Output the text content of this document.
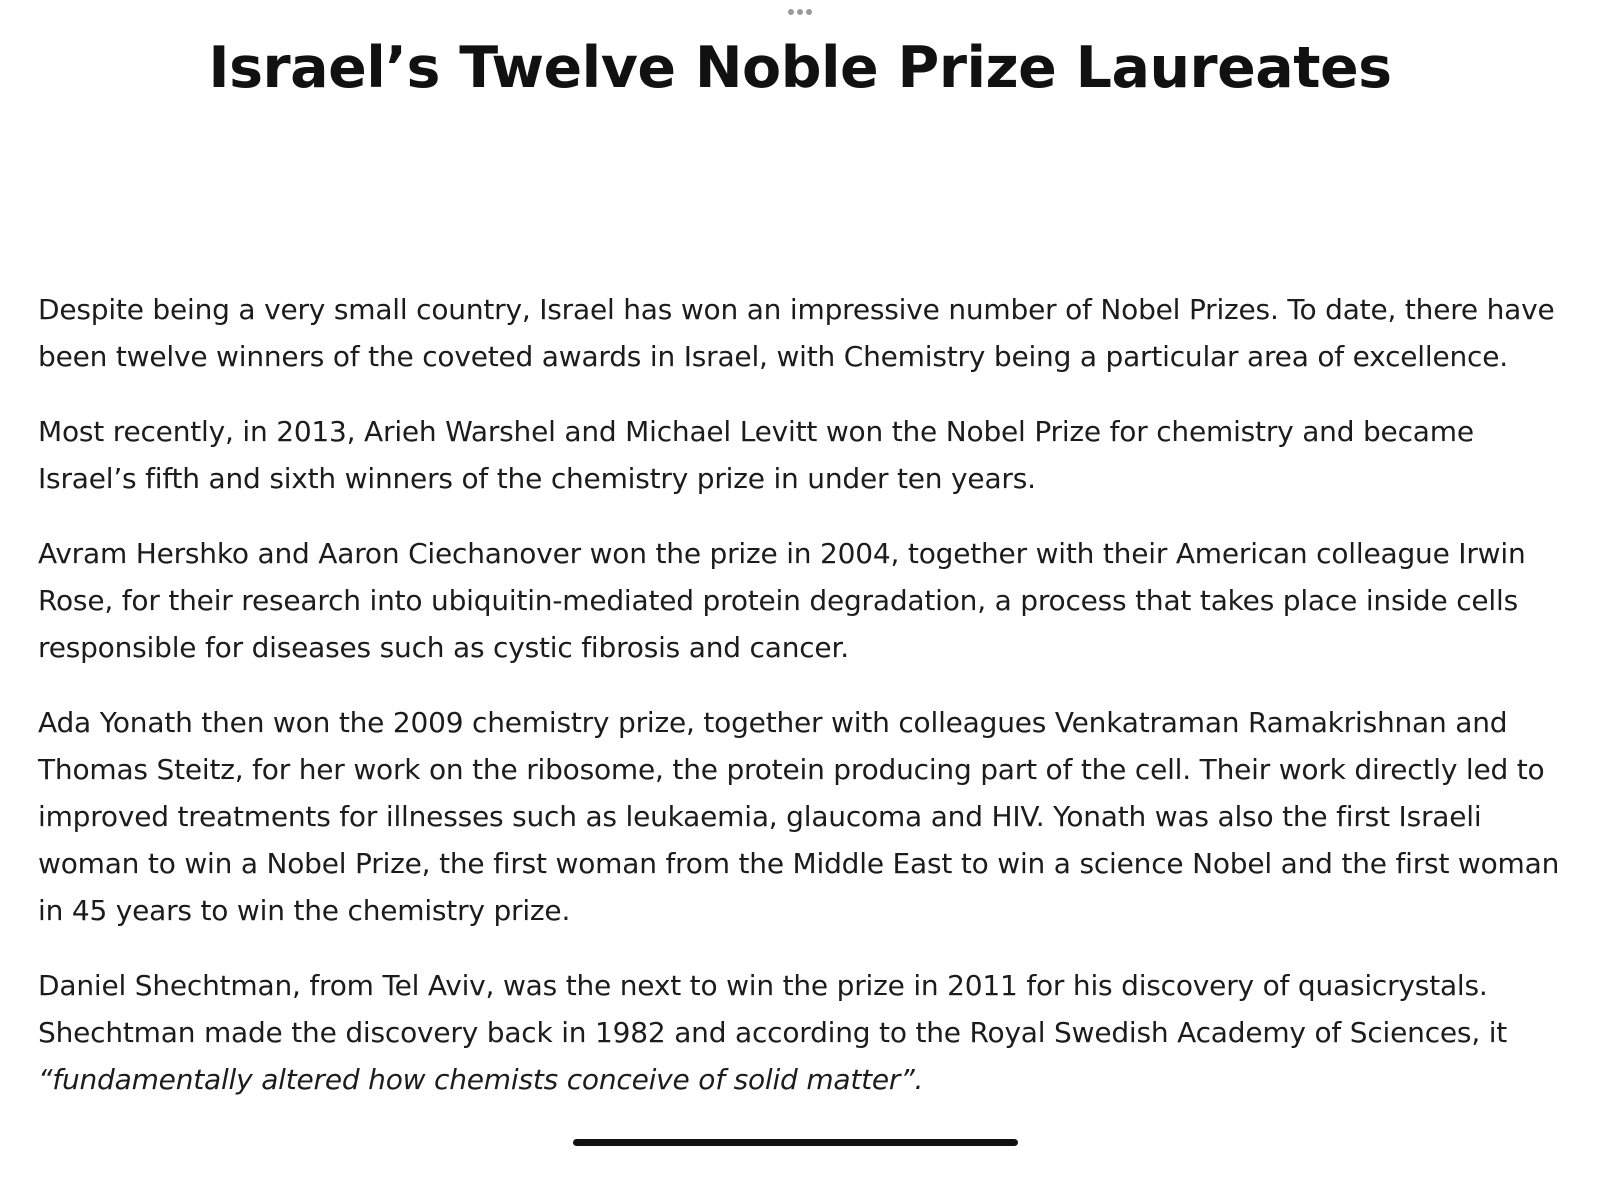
Israel’s Twelve Noble Prize Laureates

Despite being a very small country, Israel has won an impressive number of Nobel Prizes. To date, there have been twelve winners of the coveted awards in Israel, with Chemistry being a particular area of excellence.

Most recently, in 2013, Arieh Warshel and Michael Levitt won the Nobel Prize for chemistry and became Israel’s fifth and sixth winners of the chemistry prize in under ten years.

Avram Hershko and Aaron Ciechanover won the prize in 2004, together with their American colleague Irwin Rose, for their research into ubiquitin-mediated protein degradation, a process that takes place inside cells responsible for diseases such as cystic fibrosis and cancer.

Ada Yonath then won the 2009 chemistry prize, together with colleagues Venkatraman Ramakrishnan and Thomas Steitz, for her work on the ribosome, the protein producing part of the cell. Their work directly led to improved treatments for illnesses such as leukaemia, glaucoma and HIV. Yonath was also the first Israeli woman to win a Nobel Prize, the first woman from the Middle East to win a science Nobel and the first woman in 45 years to win the chemistry prize.

Daniel Shechtman, from Tel Aviv, was the next to win the prize in 2011 for his discovery of quasicrystals. Shechtman made the discovery back in 1982 and according to the Royal Swedish Academy of Sciences, it “fundamentally altered how chemists conceive of solid matter”.
